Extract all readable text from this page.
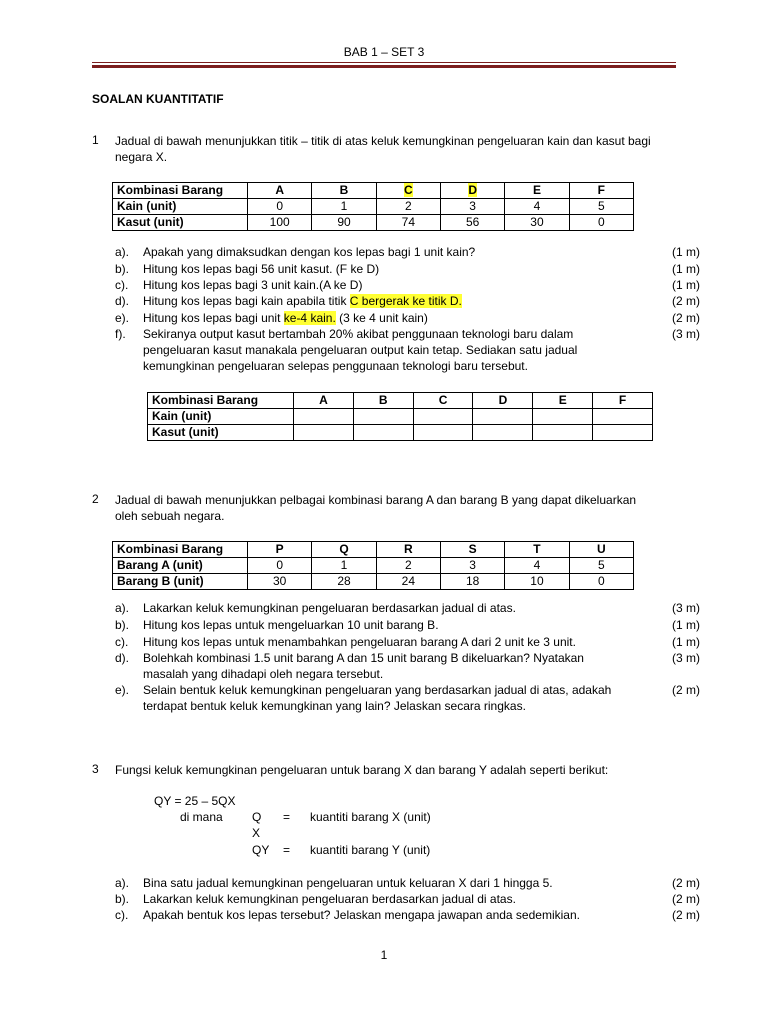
BAB 1 – SET 3
SOALAN KUANTITATIF
1 Jadual di bawah menunjukkan titik – titik di atas keluk kemungkinan pengeluaran kain dan kasut bagi
negara X.
Kombinasi Barang	A	B	C	D	E	F
Kain (unit)	0	1	2	3	4	5
Kasut (unit)	100	90	74	56	30	0
a). Apakah yang dimaksudkan dengan kos lepas bagi 1 unit kain?	(1 m)
b). Hitung kos lepas bagi 56 unit kasut. (F ke D)	(1 m)
c). Hitung kos lepas bagi 3 unit kain.(A ke D)	(1 m)
d). Hitung kos lepas bagi kain apabila titik C bergerak ke titik D.	(2 m)
e). Hitung kos lepas bagi unit ke-4 kain. (3 ke 4 unit kain)	(2 m)
f). Sekiranya output kasut bertambah 20% akibat penggunaan teknologi baru dalam
pengeluaran kasut manakala pengeluaran output kain tetap. Sediakan satu jadual
kemungkinan pengeluaran selepas penggunaan teknologi baru tersebut.
(3 m)
Kombinasi Barang	A	B	C	D	E	F
Kain (unit)						
Kasut (unit)						
2 Jadual di bawah menunjukkan pelbagai kombinasi barang A dan barang B yang dapat dikeluarkan
oleh sebuah negara.
Kombinasi Barang	P	Q	R	S	T	U
Barang A (unit)	0	1	2	3	4	5
Barang B (unit)	30	28	24	18	10	0
a). Lakarkan keluk kemungkinan pengeluaran berdasarkan jadual di atas.	(3 m)
b). Hitung kos lepas untuk mengeluarkan 10 unit barang B.	(1 m)
c). Hitung kos lepas untuk menambahkan pengeluaran barang A dari 2 unit ke 3 unit.	(1 m)
d). Bolehkah kombinasi 1.5 unit barang A dan 15 unit barang B dikeluarkan? Nyatakan
masalah yang dihadapi oleh negara tersebut.
(3 m)
e). Selain bentuk keluk kemungkinan pengeluaran yang berdasarkan jadual di atas, adakah
terdapat bentuk keluk kemungkinan yang lain? Jelaskan secara ringkas.
(2 m)
3 Fungsi keluk kemungkinan pengeluaran untuk barang X dan barang Y adalah seperti berikut:
QY = 25 – 5QX
di mana Q = kuantiti barang X (unit)
X
QY = kuantiti barang Y (unit)
a). Bina satu jadual kemungkinan pengeluaran untuk keluaran X dari 1 hingga 5.	(2 m)
b). Lakarkan keluk kemungkinan pengeluaran berdasarkan jadual di atas.	(2 m)
c). Apakah bentuk kos lepas tersebut? Jelaskan mengapa jawapan anda sedemikian.	(2 m)
1
